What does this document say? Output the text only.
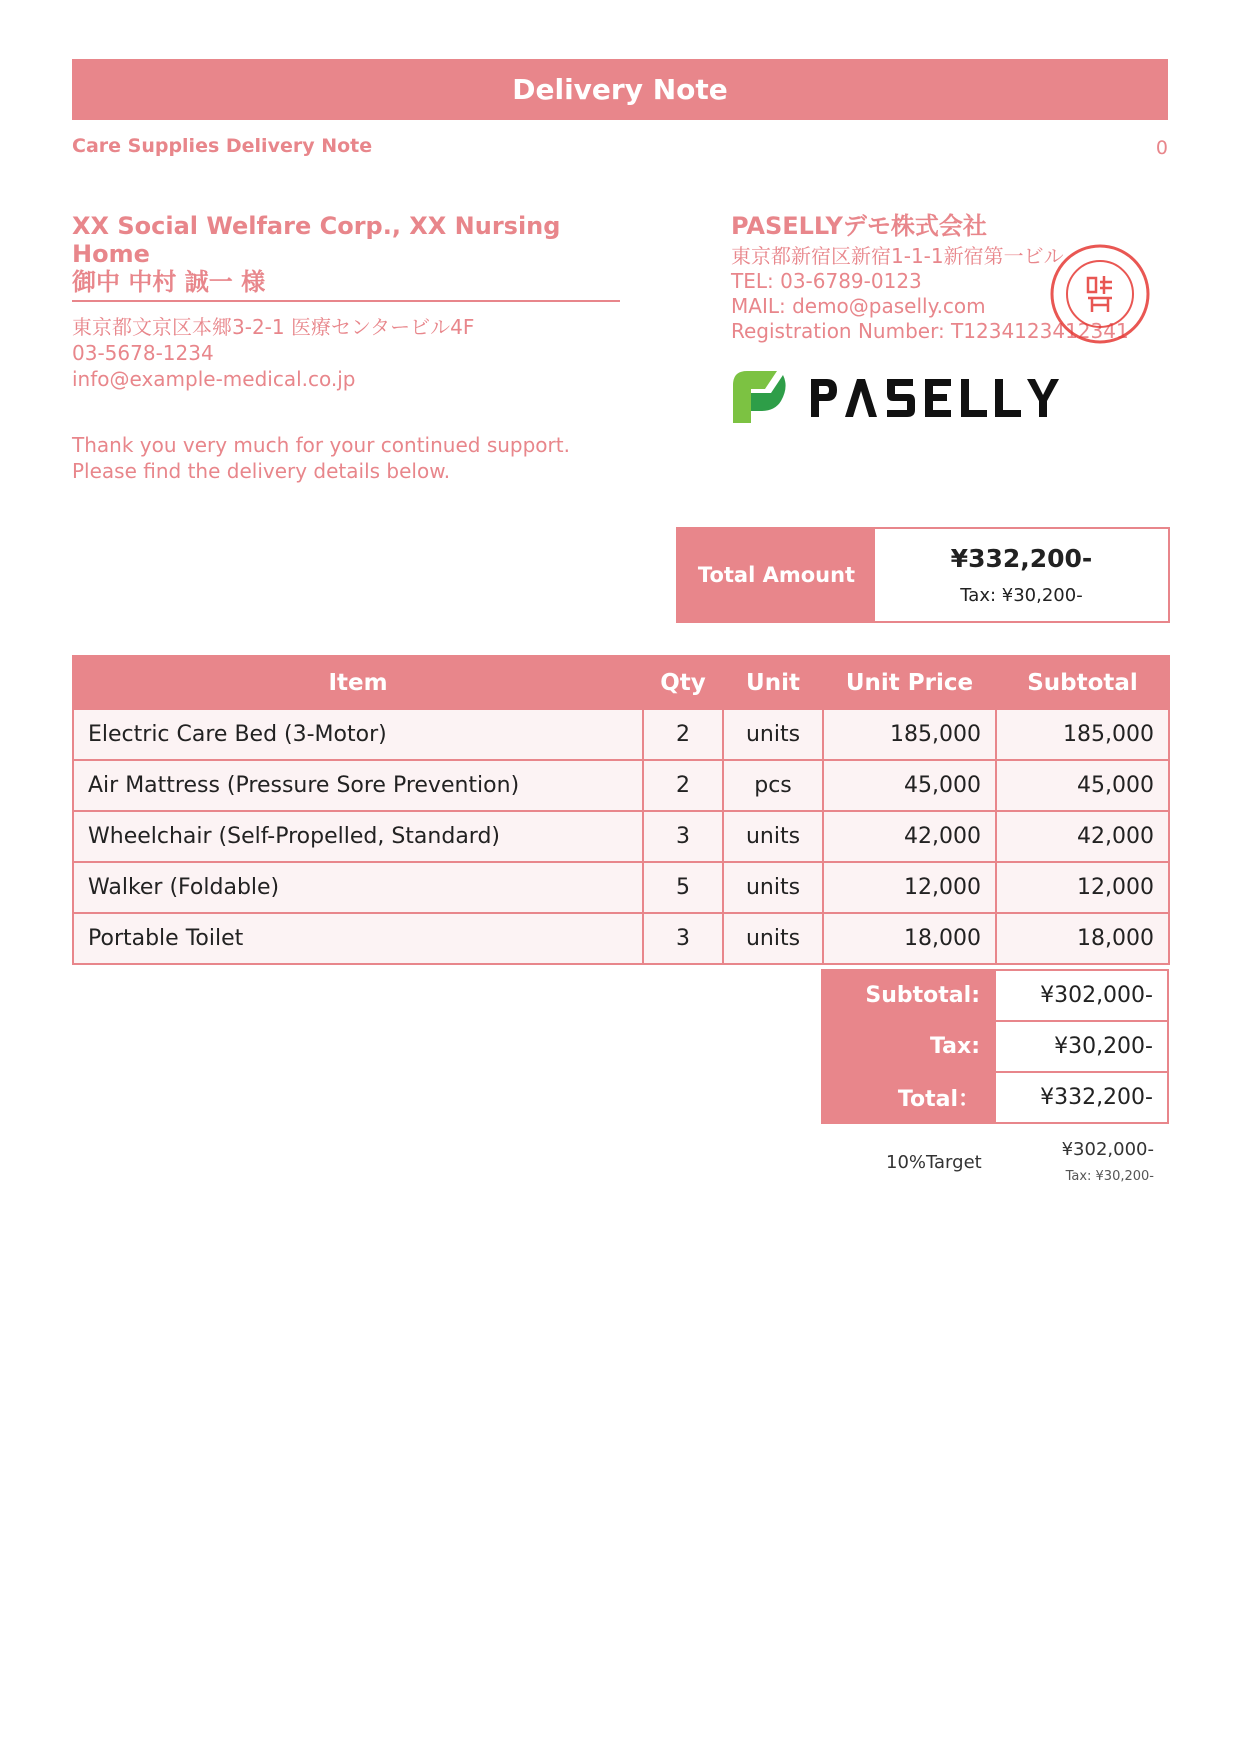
Delivery Note
Care Supplies Delivery Note	0
XX Social Welfare Corp., XX Nursing Home
御中 中村 誠一 様
東京都文京区本郷3-2-1 医療センタービル4F
03-5678-1234
info@example-medical.co.jp
Thank you very much for your continued support.
Please find the delivery details below.
PASELLYデモ株式会社
東京都新宿区新宿1-1-1新宿第一ビル
TEL: 03-6789-0123
MAIL: demo@paselly.com
Registration Number: T1234123412341
Total Amount
¥332,200-
Tax: ¥30,200-
Item	Qty	Unit	Unit Price	Subtotal
Electric Care Bed (3-Motor)	2	units	185,000	185,000
Air Mattress (Pressure Sore Prevention)	2	pcs	45,000	45,000
Wheelchair (Self-Propelled, Standard)	3	units	42,000	42,000
Walker (Foldable)	5	units	12,000	12,000
Portable Toilet	3	units	18,000	18,000
Subtotal:	¥302,000-
Tax:	¥30,200-
Total：	¥332,200-
10%Target
¥302,000-
Tax: ¥30,200-
